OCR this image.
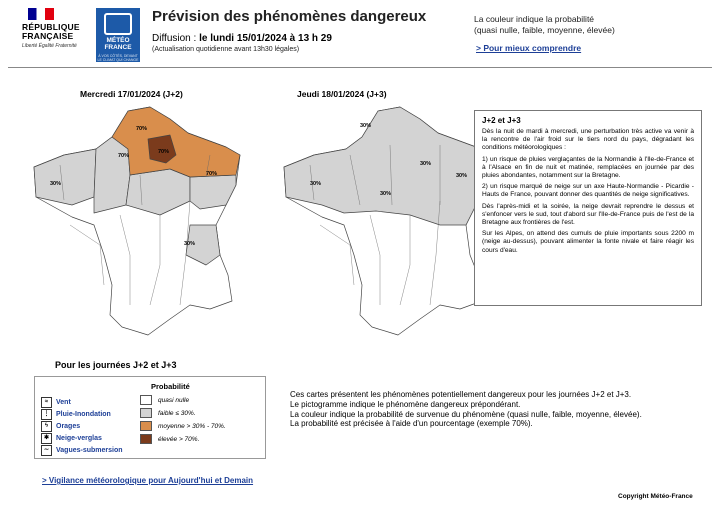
RÉPUBLIQUE
FRANÇAISE
Liberté Égalité Fraternité
MÉTÉO
FRANCE
À VOS CÔTÉS, DEVANT LE CLIMAT QUI CHANGE
Prévision des phénomènes dangereux
Diffusion : le lundi 15/01/2024 à 13 h 29
(Actualisation quotidienne avant 13h30 légales)
La couleur indique la probabilité
(quasi nulle, faible, moyenne, élevée)
> Pour mieux comprendre
Mercredi 17/01/2024 (J+2)	Jeudi 18/01/2024 (J+3)
70%
70%
70%
70%
30%
30%
30%
30%
30%
30%
30%
J+2 et J+3

Dès la nuit de mardi à mercredi, une perturbation très active va venir à la rencontre de l'air froid sur le tiers nord du pays, dégradant les conditions météorologiques :

1) un risque de pluies verglaçantes de la Normandie à l'Ile-de-France et à l'Alsace en fin de nuit et matinée, remplacées en journée par des pluies abondantes, notamment sur la Bretagne.

2) un risque marqué de neige sur un axe Haute-Normandie - Picardie - Hauts de France, pouvant donner des quantités de neige significatives.

Dès l'après-midi et la soirée, la neige devrait reprendre le dessus et s'enfoncer vers le sud, tout d'abord sur l'Ile-de-France puis de l'est de la Bretagne aux frontières de l'est.

Sur les Alpes, on attend des cumuls de pluie importants sous 2200 m (neige au-dessus), pouvant alimenter la fonte nivale et faire réagir les cours d'eau.

Pour les journées J+2 et J+3
≈	Vent
⋮ Pluie-Inondation
ϟ	Orages
✱ Neige-verglas
∼ Vagues-submersion
Probabilité
quasi nulle
faible ≤ 30%.
moyenne > 30% - 70%.
élevée > 70%.
Ces cartes présentent les phénomènes potentiellement dangereux pour les journées J+2 et J+3.
Le pictogramme indique le phénomène dangereux prépondérant.
La couleur indique la probabilité de survenue du phénomène (quasi nulle, faible, moyenne, élevée).
La probabilité est précisée à l'aide d'un pourcentage (exemple 70%).
> Vigilance météorologique pour Aujourd'hui et Demain
Copyright Météo-France
